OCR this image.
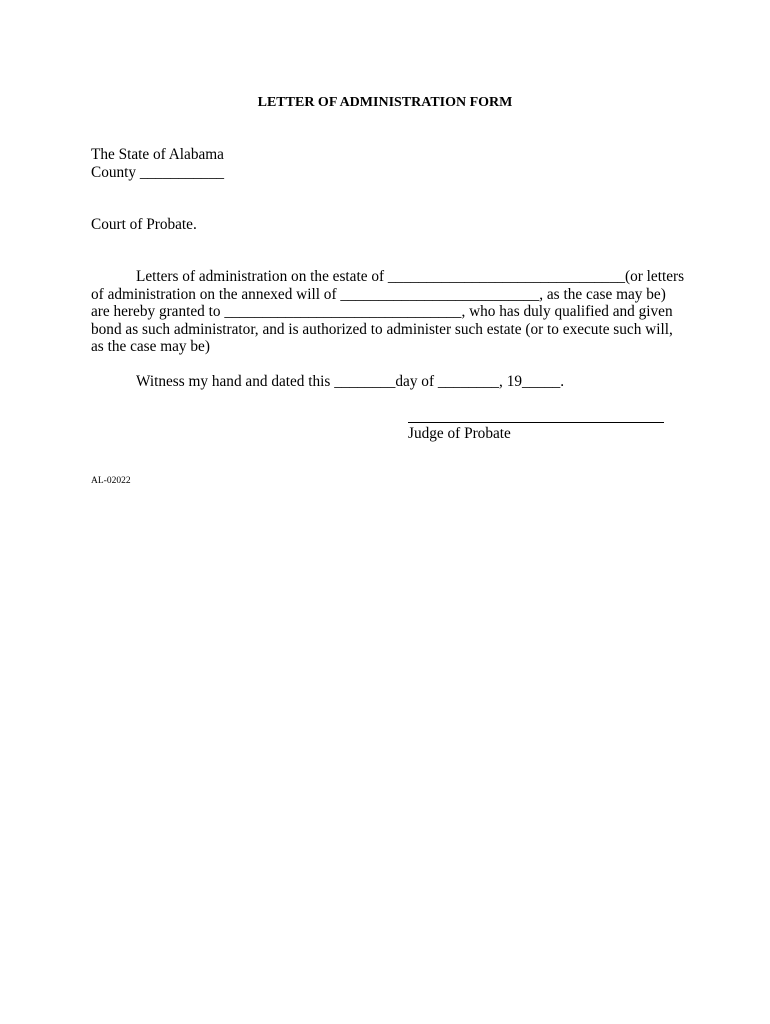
LETTER OF ADMINISTRATION FORM
The State of Alabama
County ___________
Court of Probate.
Letters of administration on the estate of _______________________________(or letters
of administration on the annexed will of __________________________, as the case may be)
are hereby granted to _______________________________, who has duly qualified and given
bond as such administrator, and is authorized to administer such estate (or to execute such will,
as the case may be)
Witness my hand and dated this ________day of ________, 19_____.
Judge of Probate
AL-02022
